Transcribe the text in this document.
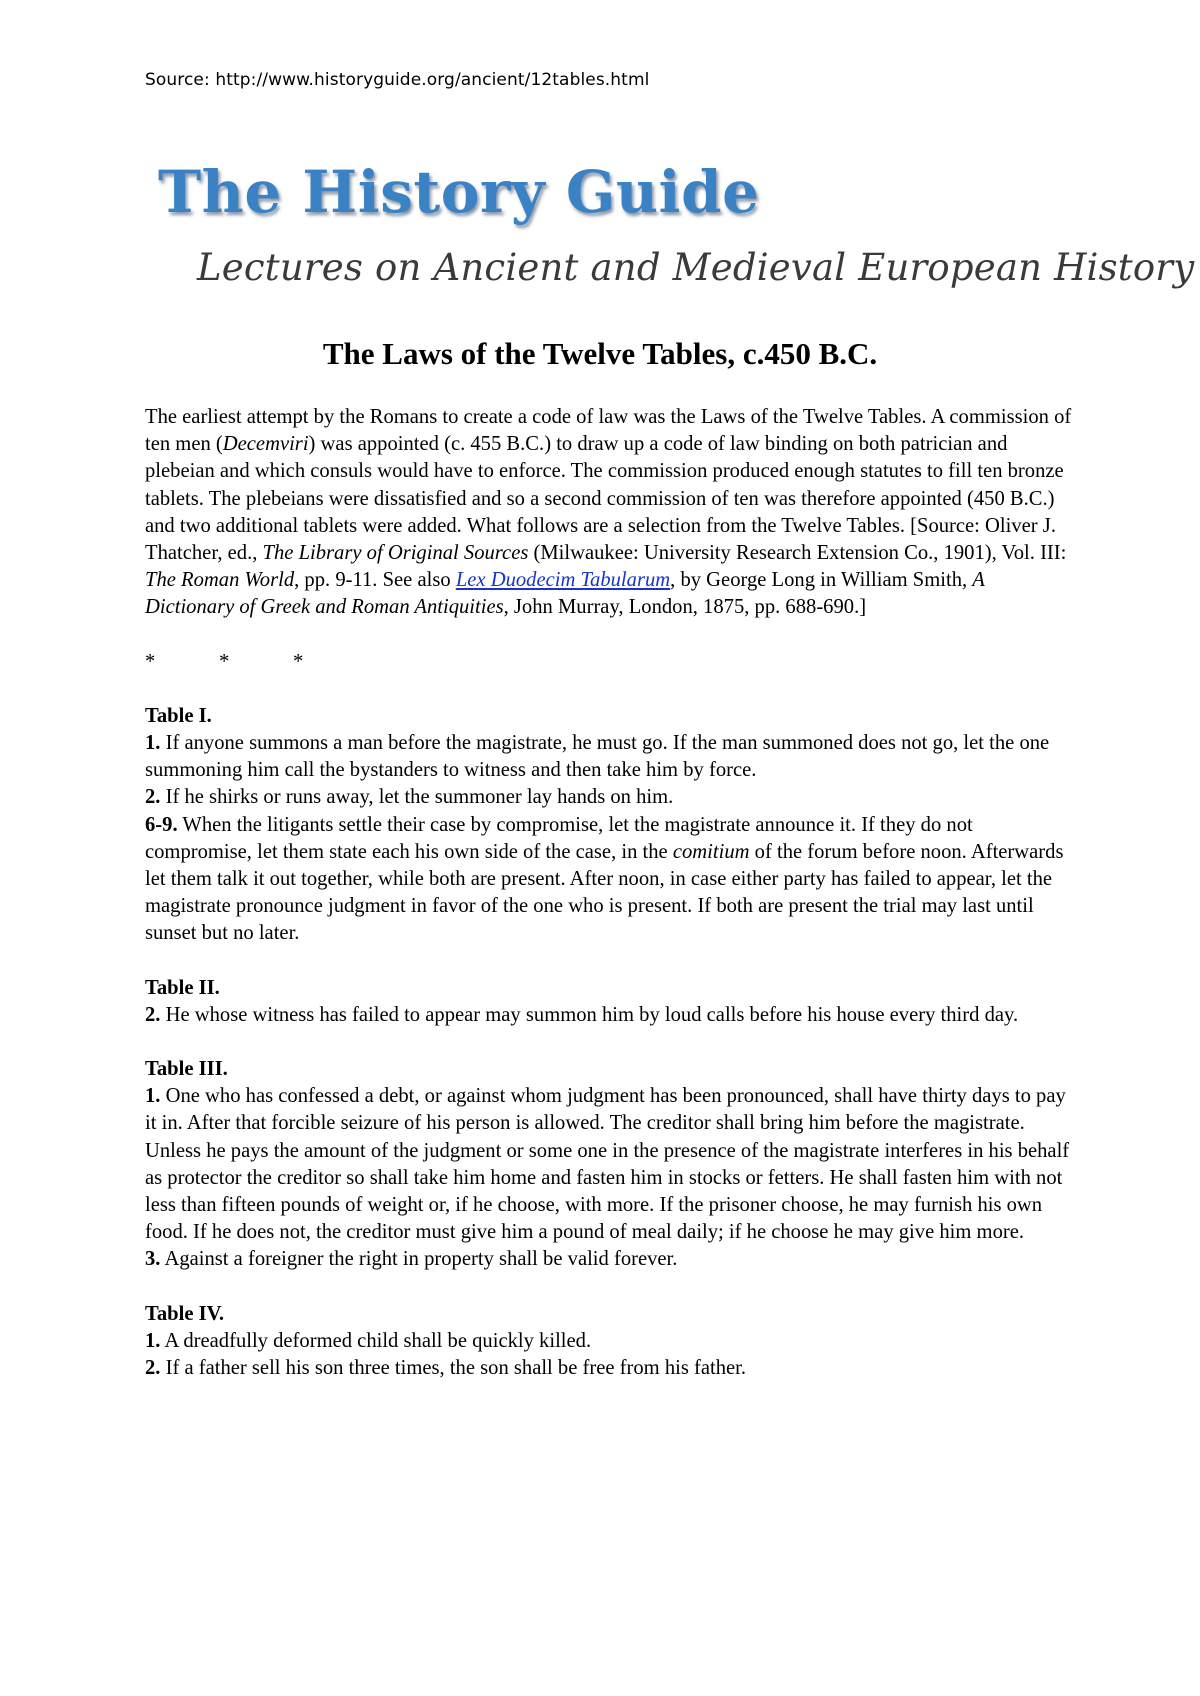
Source: http://www.historyguide.org/ancient/12tables.html
The History Guide
Lectures on Ancient and Medieval European History
The Laws of the Twelve Tables, c.450 B.C.

The earliest attempt by the Romans to create a code of law was the Laws of the Twelve Tables. A commission of ten men (Decemviri) was appointed (c. 455 B.C.) to draw up a code of law binding on both patrician and plebeian and which consuls would have to enforce. The commission produced enough statutes to fill ten bronze tablets. The plebeians were dissatisfied and so a second commission of ten was therefore appointed (450 B.C.) and two additional tablets were added. What follows are a selection from the Twelve Tables. [Source: Oliver J. Thatcher, ed., The Library of Original Sources (Milwaukee: University Research Extension Co., 1901), Vol. III: The Roman World, pp. 9-11. See also Lex Duodecim Tabularum, by George Long in William Smith, A Dictionary of Greek and Roman Antiquities, John Murray, London, 1875, pp. 688-690.]

*	*	*

Table I.

1. If anyone summons a man before the magistrate, he must go. If the man summoned does not go, let the one summoning him call the bystanders to witness and then take him by force.

2. If he shirks or runs away, let the summoner lay hands on him.

6-9. When the litigants settle their case by compromise, let the magistrate announce it. If they do not compromise, let them state each his own side of the case, in the comitium of the forum before noon. Afterwards let them talk it out together, while both are present. After noon, in case either party has failed to appear, let the magistrate pronounce judgment in favor of the one who is present. If both are present the trial may last until sunset but no later.

Table II.

2. He whose witness has failed to appear may summon him by loud calls before his house every third day.

Table III.

1. One who has confessed a debt, or against whom judgment has been pronounced, shall have thirty days to pay it in. After that forcible seizure of his person is allowed. The creditor shall bring him before the magistrate. Unless he pays the amount of the judgment or some one in the presence of the magistrate interferes in his behalf as protector the creditor so shall take him home and fasten him in stocks or fetters. He shall fasten him with not less than fifteen pounds of weight or, if he choose, with more. If the prisoner choose, he may furnish his own food. If he does not, the creditor must give him a pound of meal daily; if he choose he may give him more.

3. Against a foreigner the right in property shall be valid forever.

Table IV.

1. A dreadfully deformed child shall be quickly killed.

2. If a father sell his son three times, the son shall be free from his father.
